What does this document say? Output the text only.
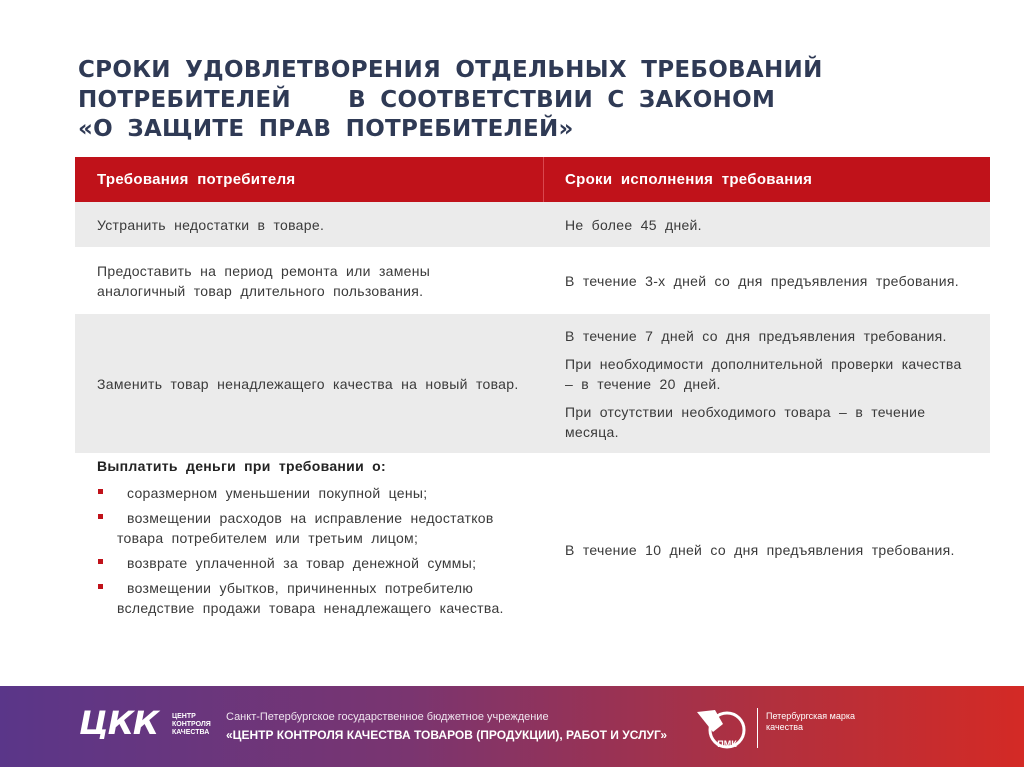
СРОКИ УДОВЛЕТВОРЕНИЯ ОТДЕЛЬНЫХ ТРЕБОВАНИЙ
ПОТРЕБИТЕЛЕЙ    В СООТВЕТСТВИИ С ЗАКОНОМ
«О ЗАЩИТЕ ПРАВ ПОТРЕБИТЕЛЕЙ»
Требования потребителя	Сроки исполнения требования
Устранить недостатки в товаре.	Не более 45 дней.
Предоставить на период ремонта или замены аналогичный товар длительного пользования.
В течение 3-х дней со дня предъявления требования.
Заменить товар ненадлежащего качества на новый товар.

В течение 7 дней со дня предъявления требования.

При необходимости дополнительной проверки качества – в течение 20 дней.

При отсутствии необходимого товара – в течение месяца.

Выплатить деньги при требовании о:
соразмерном уменьшении покупной цены;
возмещении расходов на исправление недостатков товара потребителем или третьим лицом;
возврате уплаченной за товар денежной суммы;
возмещении убытков, причиненных потребителю вследствие продажи товара ненадлежащего качества.
В течение 10 дней со дня предъявления требования.
ЦКК ЦЕНТР КОНТРОЛЯ КАЧЕСТВА
Санкт-Петербургское государственное бюджетное учреждение
«ЦЕНТР КОНТРОЛЯ КАЧЕСТВА ТОВАРОВ (ПРОДУКЦИИ), РАБОТ И УСЛУГ»
ПМК
Петербургская марка качества
